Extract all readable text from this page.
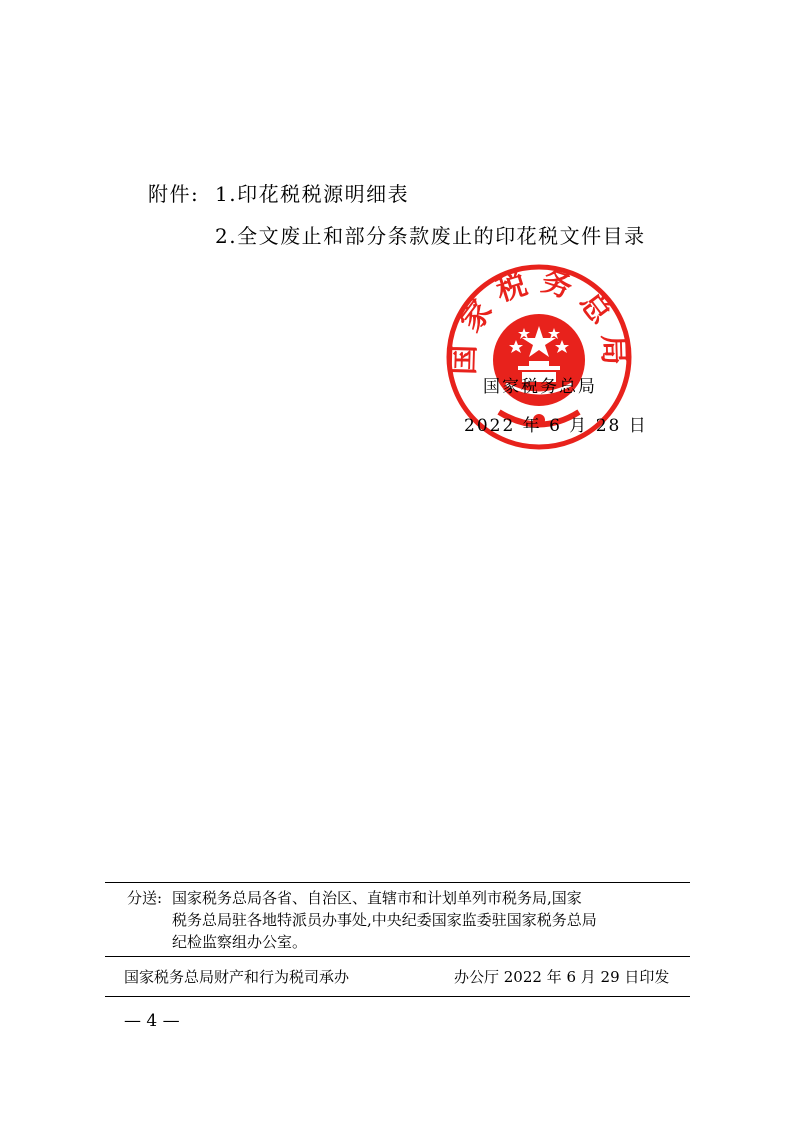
附件: 1.印花税税源明细表
2.全文废止和部分条款废止的印花税文件目录
国家税务总局
国家税务总局
2022 年 6 月 28 日
分送: 国家税务总局各省、自治区、直辖市和计划单列市税务局,国家
税务总局驻各地特派员办事处,中央纪委国家监委驻国家税务总局
纪检监察组办公室。
国家税务总局财产和行为税司承办	办公厅 2022 年 6 月 29 日印发
— 4 —
